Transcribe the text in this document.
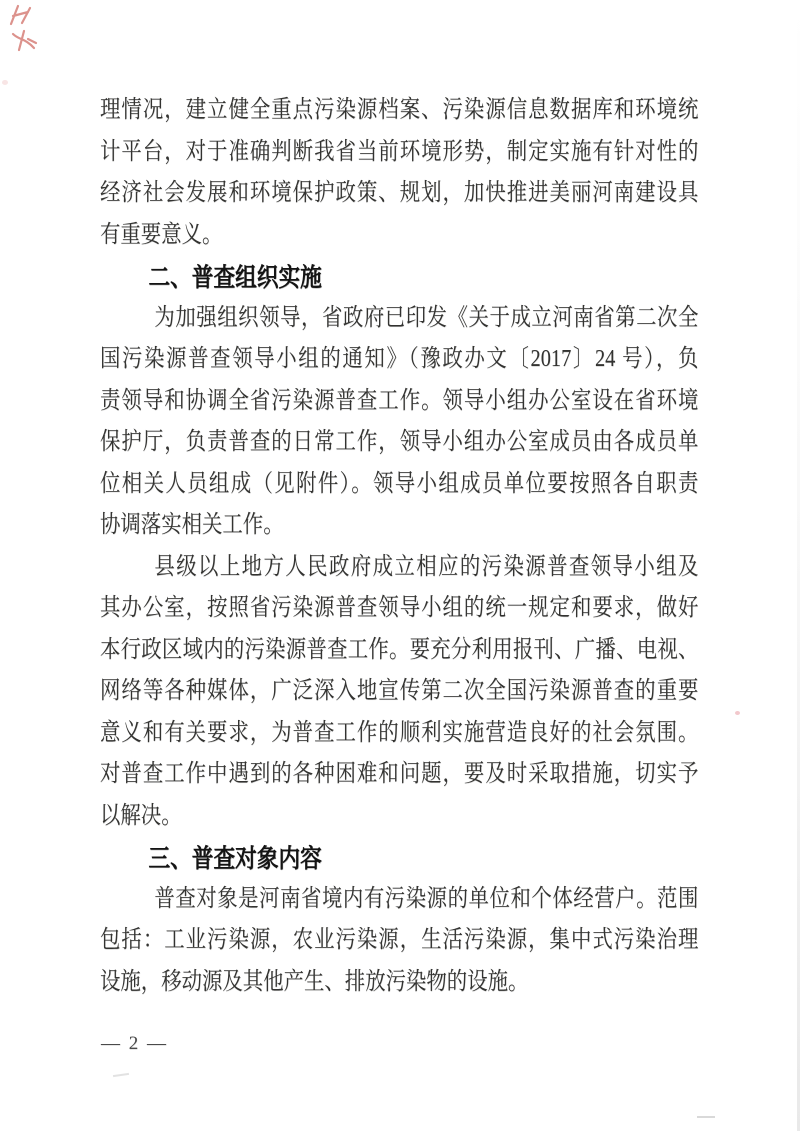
理情况，建立健全重点污染源档案、污染源信息数据库和环境统
计平台，对于准确判断我省当前环境形势，制定实施有针对性的
经济社会发展和环境保护政策、规划，加快推进美丽河南建设具
有重要意义。
二、普查组织实施
为加强组织领导，省政府已印发《关于成立河南省第二次全
国污染源普查领导小组的通知》（豫政办文〔2017〕24 号），负
责领导和协调全省污染源普查工作。领导小组办公室设在省环境
保护厅，负责普查的日常工作，领导小组办公室成员由各成员单
位相关人员组成（见附件）。领导小组成员单位要按照各自职责
协调落实相关工作。
县级以上地方人民政府成立相应的污染源普查领导小组及
其办公室，按照省污染源普查领导小组的统一规定和要求，做好
本行政区域内的污染源普查工作。要充分利用报刊、广播、电视、
网络等各种媒体，广泛深入地宣传第二次全国污染源普查的重要
意义和有关要求，为普查工作的顺利实施营造良好的社会氛围。
对普查工作中遇到的各种困难和问题，要及时采取措施，切实予
以解决。
三、普查对象内容
普查对象是河南省境内有污染源的单位和个体经营户。范围
包括：工业污染源，农业污染源，生活污染源，集中式污染治理
设施，移动源及其他产生、排放污染物的设施。
— 2 —
